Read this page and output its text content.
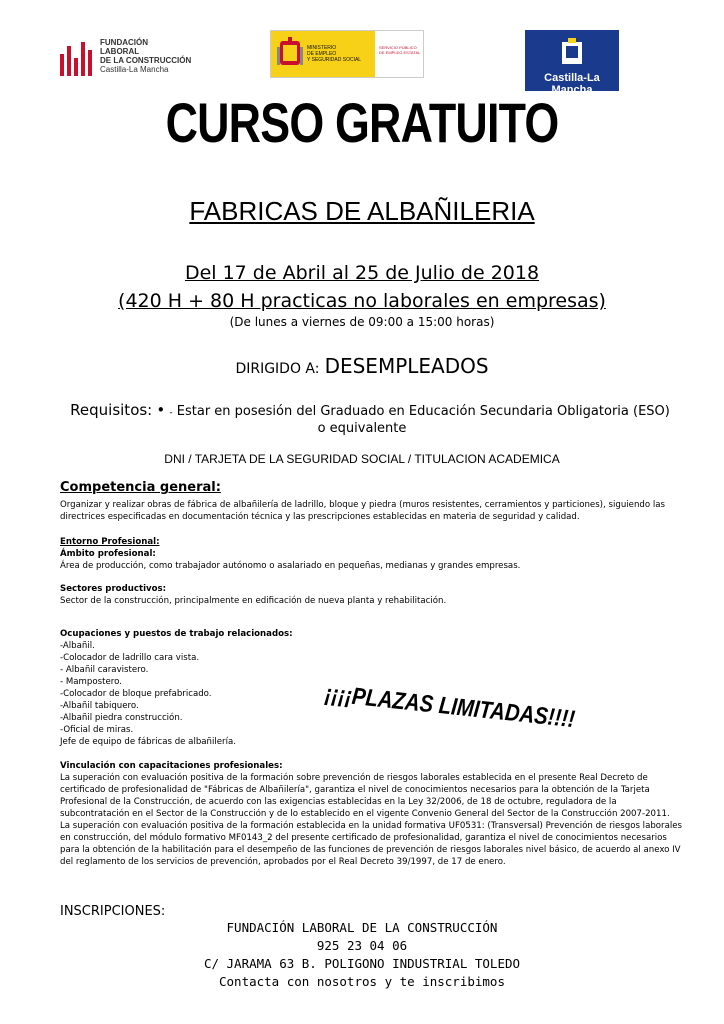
FUNDACIÓN
LABORAL
DE LA CONSTRUCCIÓN
Castilla-La Mancha
MINISTERIO
DE EMPLEO
Y SEGURIDAD SOCIAL
SERVICIO PÚBLICO
DE EMPLEO ESTATAL
Castilla-La Mancha
CURSO GRATUITO
FABRICAS DE ALBAÑILERIA
Del 17 de Abril al 25 de Julio de 2018
(420 H + 80 H practicas no laborales en empresas)
(De lunes a viernes de 09:00 a 15:00 horas)
DIRIGIDO A: DESEMPLEADOS
Requisitos: • - Estar en posesión del Graduado en Educación Secundaria Obligatoria (ESO)
o equivalente
DNI / TARJETA DE LA SEGURIDAD SOCIAL / TITULACION ACADEMICA
Competencia general:
Organizar y realizar obras de fábrica de albañilería de ladrillo, bloque y piedra (muros resistentes, cerramientos y particiones), siguiendo las directrices especificadas en documentación técnica y las prescripciones establecidas en materia de seguridad y calidad.
Entorno Profesional:
Ámbito profesional:
Área de producción, como trabajador autónomo o asalariado en pequeñas, medianas y grandes empresas.
Sectores productivos:
Sector de la construcción, principalmente en edificación de nueva planta y rehabilitación.
Ocupaciones y puestos de trabajo relacionados:
-Albañil.
-Colocador de ladrillo cara vista.
- Albañil caravistero.
- Mampostero.
-Colocador de bloque prefabricado.
-Albañil tabiquero.
-Albañil piedra construcción.
-Oficial de miras.
Jefe de equipo de fábricas de albañilería.
¡¡¡¡PLAZAS LIMITADAS!!!!
Vinculación con capacitaciones profesionales:
La superación con evaluación positiva de la formación sobre prevención de riesgos laborales establecida en el presente Real Decreto de certificado de profesionalidad de "Fábricas de Albañilería", garantiza el nivel de conocimientos necesarios para la obtención de la Tarjeta Profesional de la Construcción, de acuerdo con las exigencias establecidas en la Ley 32/2006, de 18 de octubre, reguladora de la subcontratación en el Sector de la Construcción y de lo establecido en el vigente Convenio General del Sector de la Construcción 2007-2011.
La superación con evaluación positiva de la formación establecida en la unidad formativa UF0531: (Transversal) Prevención de riesgos laborales en construcción, del módulo formativo MF0143_2 del presente certificado de profesionalidad, garantiza el nivel de conocimientos necesarios para la obtención de la habilitación para el desempeño de las funciones de prevención de riesgos laborales nivel básico, de acuerdo al anexo IV del reglamento de los servicios de prevención, aprobados por el Real Decreto 39/1997, de 17 de enero.
INSCRIPCIONES:
FUNDACIÓN LABORAL DE LA CONSTRUCCIÓN
925 23 04 06
C/ JARAMA 63 B. POLIGONO INDUSTRIAL TOLEDO
Contacta con nosotros y te inscribimos
